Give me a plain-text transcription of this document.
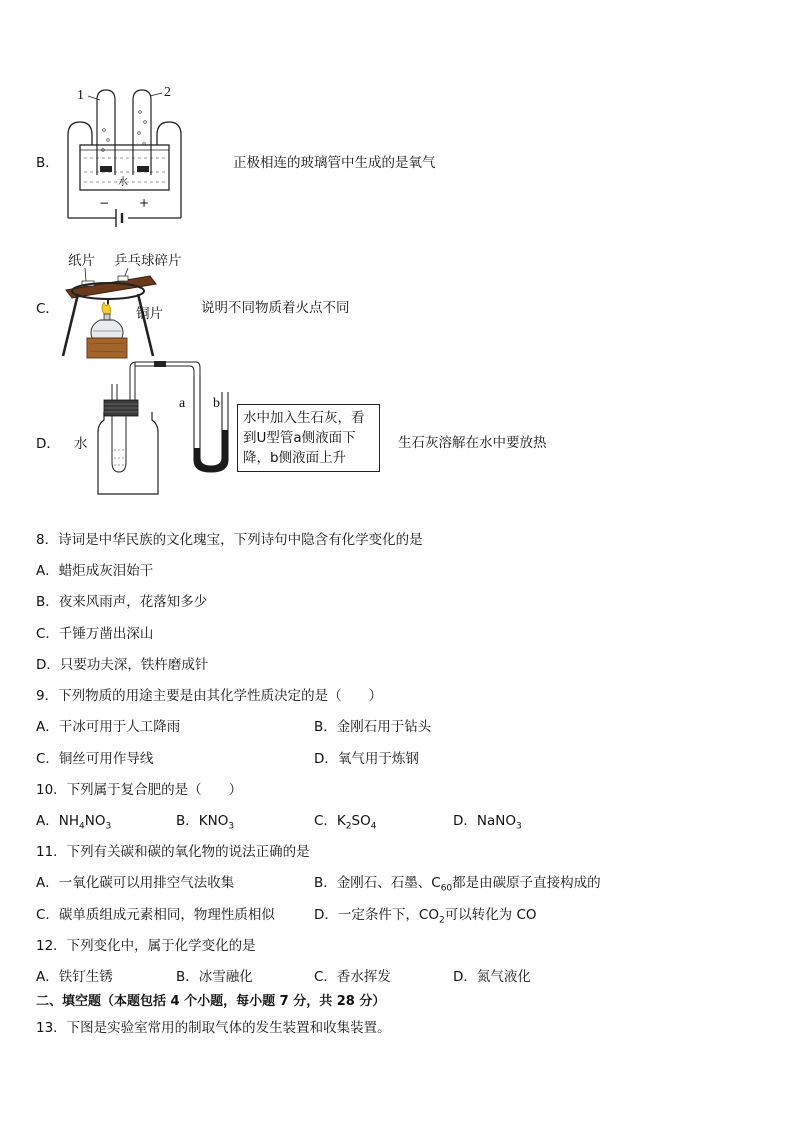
B．
1	2
水
− +
正极相连的玻璃管中生成的是氧气
纸片 乒乓球碎片
C．	铜片	说明不同物质着火点不同
D． 水
a b
水中加入生石灰，看到U型管a侧液面下降，b侧液面上升
生石灰溶解在水中要放热
8．诗词是中华民族的文化瑰宝，下列诗句中隐含有化学变化的是
A．蜡炬成灰泪始干
B．夜来风雨声，花落知多少
C．千锤万凿出深山
D．只要功夫深，铁杵磨成针
9．下列物质的用途主要是由其化学性质决定的是（　　）
A．干冰可用于人工降雨	B．金刚石用于钻头
C．铜丝可用作导线	D．氧气用于炼钢
10．下列属于复合肥的是（　　）
A．$NH_4NO_3$	B．$KNO_3$	C．$K_2SO_4$	D．NaNO$_3$
11．下列有关碳和碳的氧化物的说法正确的是
A．一氧化碳可以用排空气法收集	B．金刚石、石墨、$C_{60}$都是由碳原子直接构成的
C．碳单质组成元素相同，物理性质相似	D．一定条件下，$CO_2$可以转化为 CO
12．下列变化中，属于化学变化的是
A．铁钉生锈	B．冰雪融化	C．香水挥发	D．氮气液化
二、填空题（本题包括 4 个小题，每小题 7 分，共 28 分）
13．下图是实验室常用的制取气体的发生装置和收集装置。
